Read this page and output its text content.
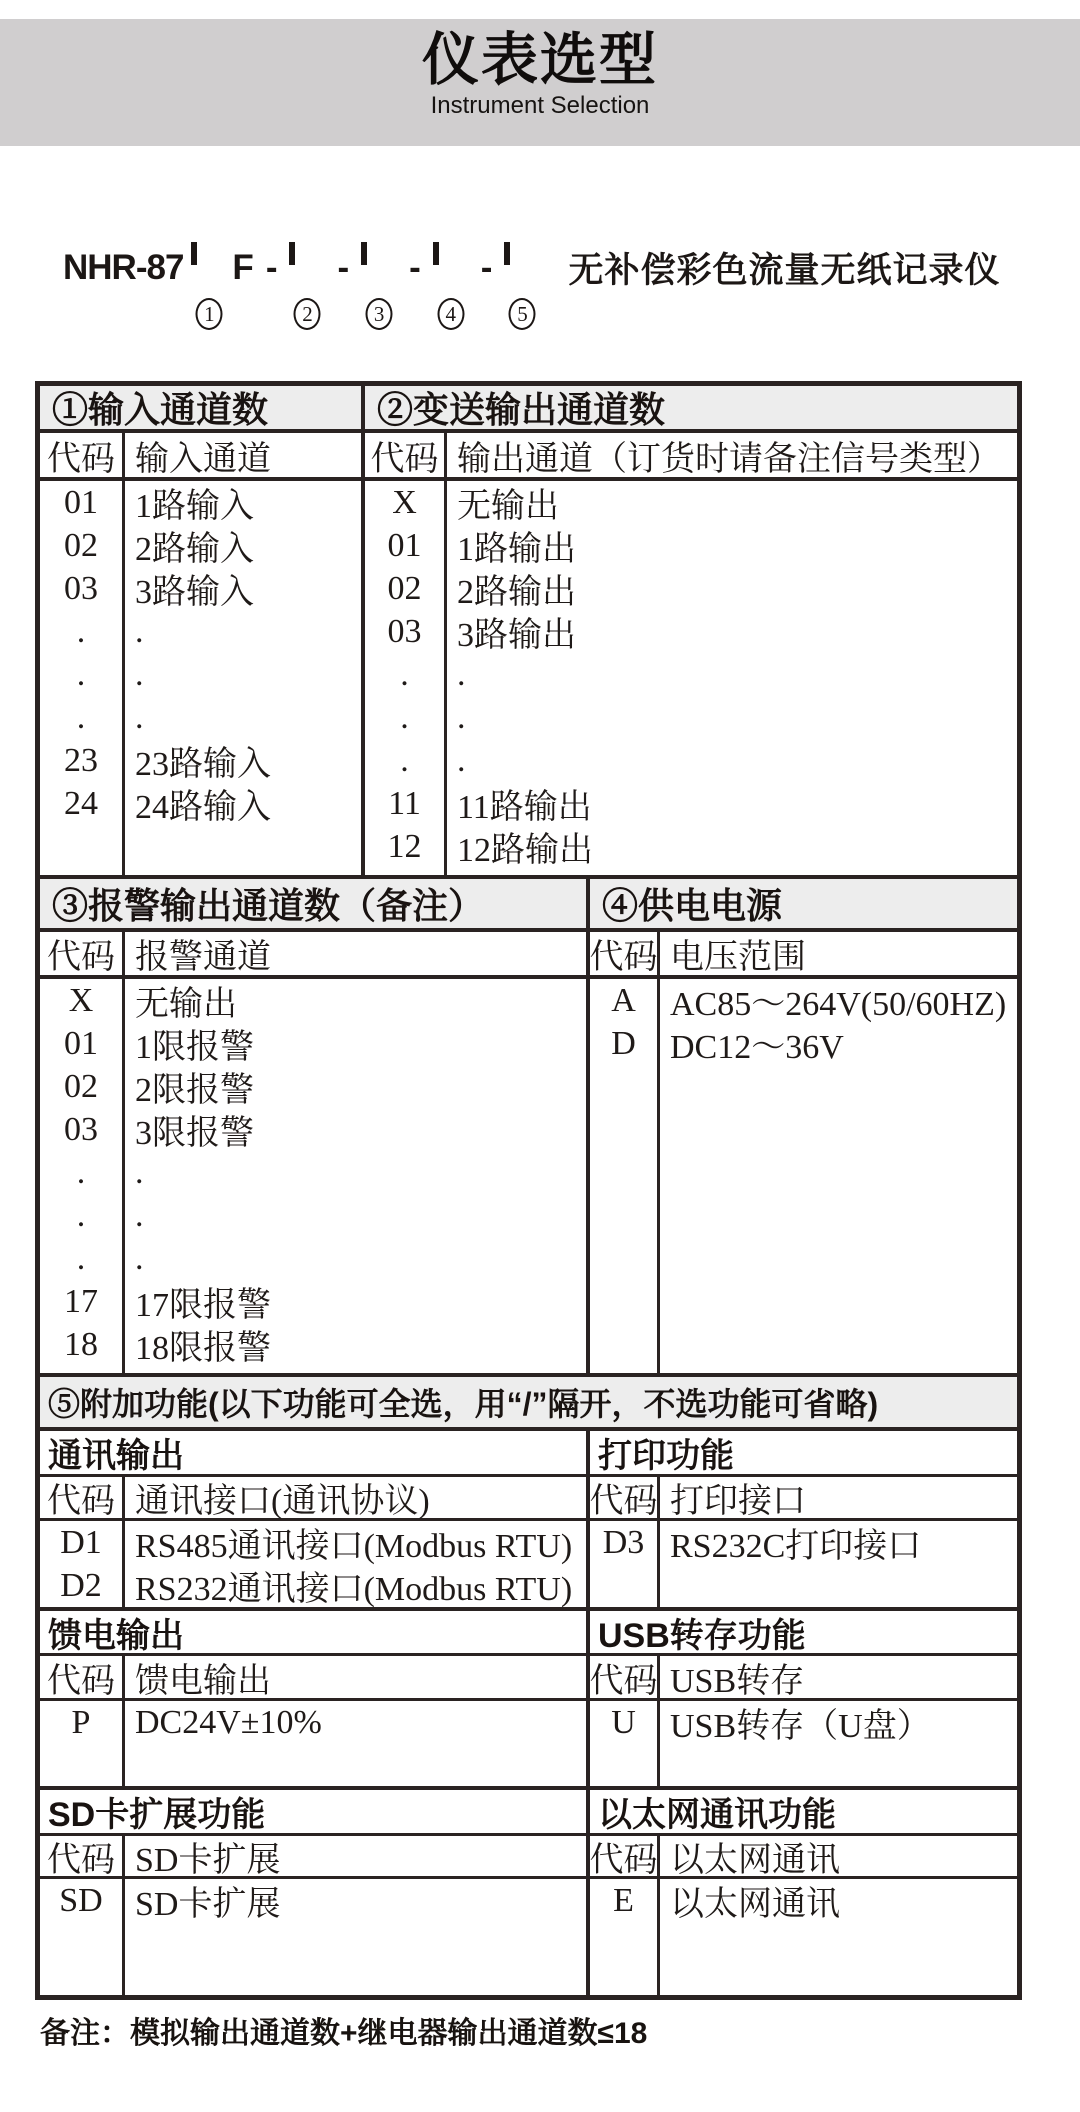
仪表选型
Instrument Selection
NHR-87
1
F -
2
-
3
-
4
-
5
无补偿彩色流量无纸记录仪
①输入通道数	②变送输出通道数
代码 输入通道
01	1路输入
02	2路输入
03	3路输入
.	.
.	.
.	.
23	23路输入
24	24路输入
代码 输出通道（订货时请备注信号类型）
X	无输出
01	1路输出
02	2路输出
03	3路输出
.	.
.	.
.	.
11	11路输出
12	12路输出
③报警输出通道数（备注）	④供电电源
代码 报警通道
X	无输出
01	1限报警
02	2限报警
03	3限报警
.	.
.	.
.	.
17	17限报警
18	18限报警
代码 电压范围
A	AC85～264V(50/60HZ)
D	DC12～36V
⑤附加功能(以下功能可全选，用“/”隔开，不选功能可省略)
通讯输出
代码 通讯接口(通讯协议)
D1 RS485通讯接口(Modbus RTU)
D2 RS232通讯接口(Modbus RTU)
馈电输出
代码 馈电输出
P	DC24V±10%
SD卡扩展功能
代码 SD卡扩展
SD SD卡扩展
打印功能
代码 打印接口
D3 RS232C打印接口
USB转存功能
代码 USB转存
U	USB转存（U盘）
以太网通讯功能
代码 以太网通讯
E	以太网通讯
备注：模拟输出通道数+继电器输出通道数≤18
